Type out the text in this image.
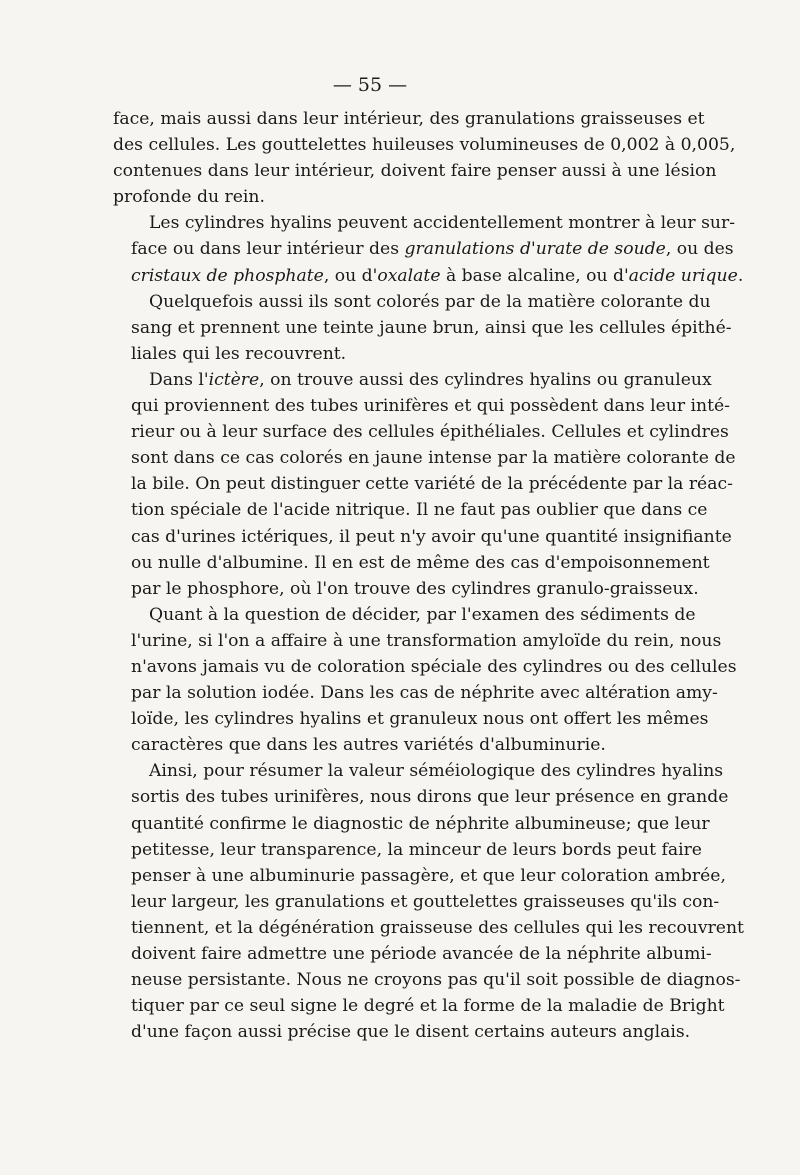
— 55 —
face, mais aussi dans leur intérieur, des granulations graisseuses et
des cellules. Les gouttelettes huileuses volumineuses de 0,002 à 0,005,
contenues dans leur intérieur, doivent faire penser aussi à une lésion
profonde du rein.
Les cylindres hyalins peuvent accidentellement montrer à leur sur-
face ou dans leur intérieur des granulations d'urate de soude, ou des
cristaux de phosphate, ou d'oxalate à base alcaline, ou d'acide urique.
Quelquefois aussi ils sont colorés par de la matière colorante du
sang et prennent une teinte jaune brun, ainsi que les cellules épithé-
liales qui les recouvrent.
Dans l'ictère, on trouve aussi des cylindres hyalins ou granuleux
qui proviennent des tubes urinifères et qui possèdent dans leur inté-
rieur ou à leur surface des cellules épithéliales. Cellules et cylindres
sont dans ce cas colorés en jaune intense par la matière colorante de
la bile. On peut distinguer cette variété de la précédente par la réac-
tion spéciale de l'acide nitrique. Il ne faut pas oublier que dans ce
cas d'urines ictériques, il peut n'y avoir qu'une quantité insignifiante
ou nulle d'albumine. Il en est de même des cas d'empoisonnement
par le phosphore, où l'on trouve des cylindres granulo-graisseux.
Quant à la question de décider, par l'examen des sédiments de
l'urine, si l'on a affaire à une transformation amyloïde du rein, nous
n'avons jamais vu de coloration spéciale des cylindres ou des cellules
par la solution iodée. Dans les cas de néphrite avec altération amy-
loïde, les cylindres hyalins et granuleux nous ont offert les mêmes
caractères que dans les autres variétés d'albuminurie.
Ainsi, pour résumer la valeur séméiologique des cylindres hyalins
sortis des tubes urinifères, nous dirons que leur présence en grande
quantité confirme le diagnostic de néphrite albumineuse; que leur
petitesse, leur transparence, la minceur de leurs bords peut faire
penser à une albuminurie passagère, et que leur coloration ambrée,
leur largeur, les granulations et gouttelettes graisseuses qu'ils con-
tiennent, et la dégénération graisseuse des cellules qui les recouvrent
doivent faire admettre une période avancée de la néphrite albumi-
neuse persistante. Nous ne croyons pas qu'il soit possible de diagnos-
tiquer par ce seul signe le degré et la forme de la maladie de Bright
d'une façon aussi précise que le disent certains auteurs anglais.
